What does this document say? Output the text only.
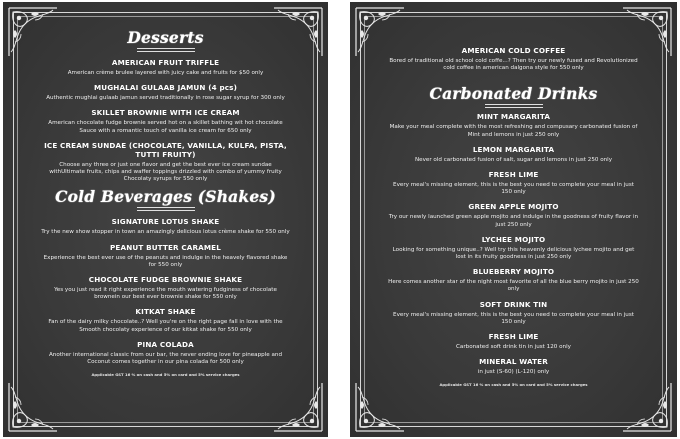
Desserts
AMERICAN FRUIT TRIFFLE
American crème brulee layered with juicy cake and fruits for $50 only
MUGHALAI GULAAB JAMUN (4 pcs)
Authentic mughlai gulaab jamun served traditionally in rose sugar syrup for 300 only
SKILLET BROWNIE WITH ICE CREAM
American chocolate fudge brownie served hot on a skillet bathing wit hot chocolate Sauce with a romantic touch of vanilla ice cream for 650 only
ICE CREAM SUNDAE (CHOCOLATE, VANILLA, KULFA, PISTA, TUTTI FRUITY)
Choose any three or just one flavor and get the best ever ice cream sundae withUltimate fruits, chips and waffer toppings drizzled with combo of yummy fruity Chocolaty syrups for 550 only
Cold Beverages (Shakes)
SIGNATURE LOTUS SHAKE
Try the new show stopper in town an amazingly delicious lotus crème shake for 550 only
PEANUT BUTTER CARAMEL
Experience the best ever use of the peanuts and indulge in the heavely flavored shake for 550 only
CHOCOLATE FUDGE BROWNIE SHAKE
Yes you just read it right experience the mouth watering fudginess of chocolate brownein our best ever brownie shake for 550 only
KITKAT SHAKE
Fan of the dairy milky chocolate..? Well you're on the right page fall in love with the Smooth chocolaty experience of our kitkat shake for 550 only
PINA COLADA
Another international classic from our bar, the never ending love for pineapple and Coconut comes together in our pina colada for 500 only
Applicable GST 16 % on cash and 5% on card and 5% service charges
AMERICAN COLD COFFEE
Bored of traditional old school cold coffe...? Then try our newly fused and Revolutionized cold coffee in american dalgona style for 550 only
Carbonated Drinks
MINT MARGARITA
Make your meal complete with the most refreshing and compusary carbonated fusion of Mint and lemons in just 250 only
LEMON MARGARITA
Never old carbonated fusion of salt, sugar and lemons in just 250 only
FRESH LIME
Every meal's missing element, this is the best you need to complete your meal in just 150 only
GREEN APPLE MOJITO
Try our newly launched green apple mojito and indulge in the goodness of fruity flavor in just 250 only
LYCHEE MOJITO
Looking for something unique..? Well try this heavenly delicious lychee mojito and get lost in its fruity goodness in just 250 only
BLUEBERRY MOJITO
Here comes another star of the night most favorite of all the blue berry mojito in just 250 only
SOFT DRINK TIN
Every meal's missing element, this is the best you need to complete your meal in just 150 only
FRESH LIME
Carbonated soft drink tin in just 120 only
MINERAL WATER
in just (S-60) (L-120) only
Applicable GST 16 % on cash and 5% on card and 5% service charges
